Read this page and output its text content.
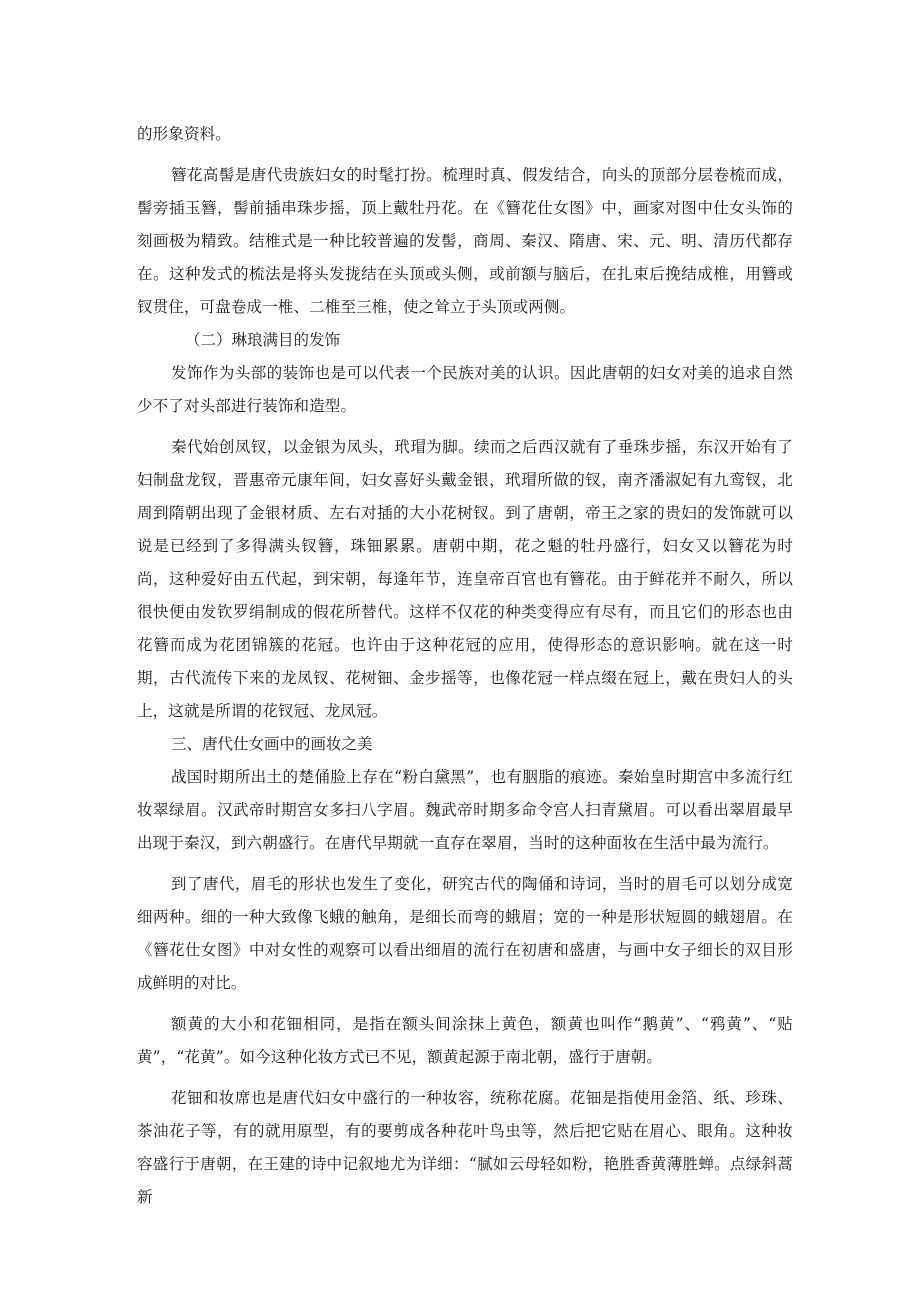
的形象资料。

簪花高髻是唐代贵族妇女的时髦打扮。梳理时真、假发结合，向头的顶部分层卷梳而成，髻旁插玉簪，髻前插串珠步摇，顶上戴牡丹花。在《簪花仕女图》中，画家对图中仕女头饰的刻画极为精致。结椎式是一种比较普遍的发髻，商周、秦汉、隋唐、宋、元、明、清历代都存在。这种发式的梳法是将头发拢结在头顶或头侧，或前额与脑后，在扎束后挽结成椎，用簪或钗贯住，可盘卷成一椎、二椎至三椎，使之耸立于头顶或两侧。

（二）琳琅满目的发饰

发饰作为头部的装饰也是可以代表一个民族对美的认识。因此唐朝的妇女对美的追求自然少不了对头部进行装饰和造型。

秦代始创凤钗，以金银为凤头，玳瑁为脚。续而之后西汉就有了垂珠步摇，东汉开始有了妇制盘龙钗，晋惠帝元康年间，妇女喜好头戴金银，玳瑁所做的钗，南齐潘淑妃有九鸾钗，北周到隋朝出现了金银材质、左右对插的大小花树钗。到了唐朝，帝王之家的贵妇的发饰就可以说是已经到了多得满头钗簪，珠钿累累。唐朝中期，花之魁的牡丹盛行，妇女又以簪花为时尚，这种爱好由五代起，到宋朝，每逢年节，连皇帝百官也有簪花。由于鲜花并不耐久，所以很快便由发钦罗绢制成的假花所替代。这样不仅花的种类变得应有尽有，而且它们的形态也由花簪而成为花团锦簇的花冠。也许由于这种花冠的应用，使得形态的意识影响。就在这一时期，古代流传下来的龙凤钗、花树钿、金步摇等，也像花冠一样点缀在冠上，戴在贵妇人的头上，这就是所谓的花钗冠、龙凤冠。

三、唐代仕女画中的画妆之美

战国时期所出土的楚俑脸上存在“粉白黛黑”，也有胭脂的痕迹。秦始皇时期宫中多流行红妆翠绿眉。汉武帝时期宫女多扫八字眉。魏武帝时期多命令宫人扫青黛眉。可以看出翠眉最早出现于秦汉，到六朝盛行。在唐代早期就一直存在翠眉，当时的这种面妆在生活中最为流行。

到了唐代，眉毛的形状也发生了变化，研究古代的陶俑和诗词，当时的眉毛可以划分成宽细两种。细的一种大致像飞蛾的触角，是细长而弯的蛾眉；宽的一种是形状短圆的蛾翅眉。在《簪花仕女图》中对女性的观察可以看出细眉的流行在初唐和盛唐，与画中女子细长的双目形成鲜明的对比。

额黄的大小和花钿相同，是指在额头间涂抹上黄色，额黄也叫作“鹅黄”、“鸦黄”、“贴黄”，“花黄”。如今这种化妆方式已不见，额黄起源于南北朝，盛行于唐朝。

花钿和妆席也是唐代妇女中盛行的一种妆容，统称花腐。花钿是指使用金箔、纸、珍珠、茶油花子等，有的就用原型，有的要剪成各种花叶鸟虫等，然后把它贴在眉心、眼角。这种妆容盛行于唐朝，在王建的诗中记叙地尤为详细：“腻如云母轻如粉，艳胜香黄薄胜蝉。点绿斜蒿新
